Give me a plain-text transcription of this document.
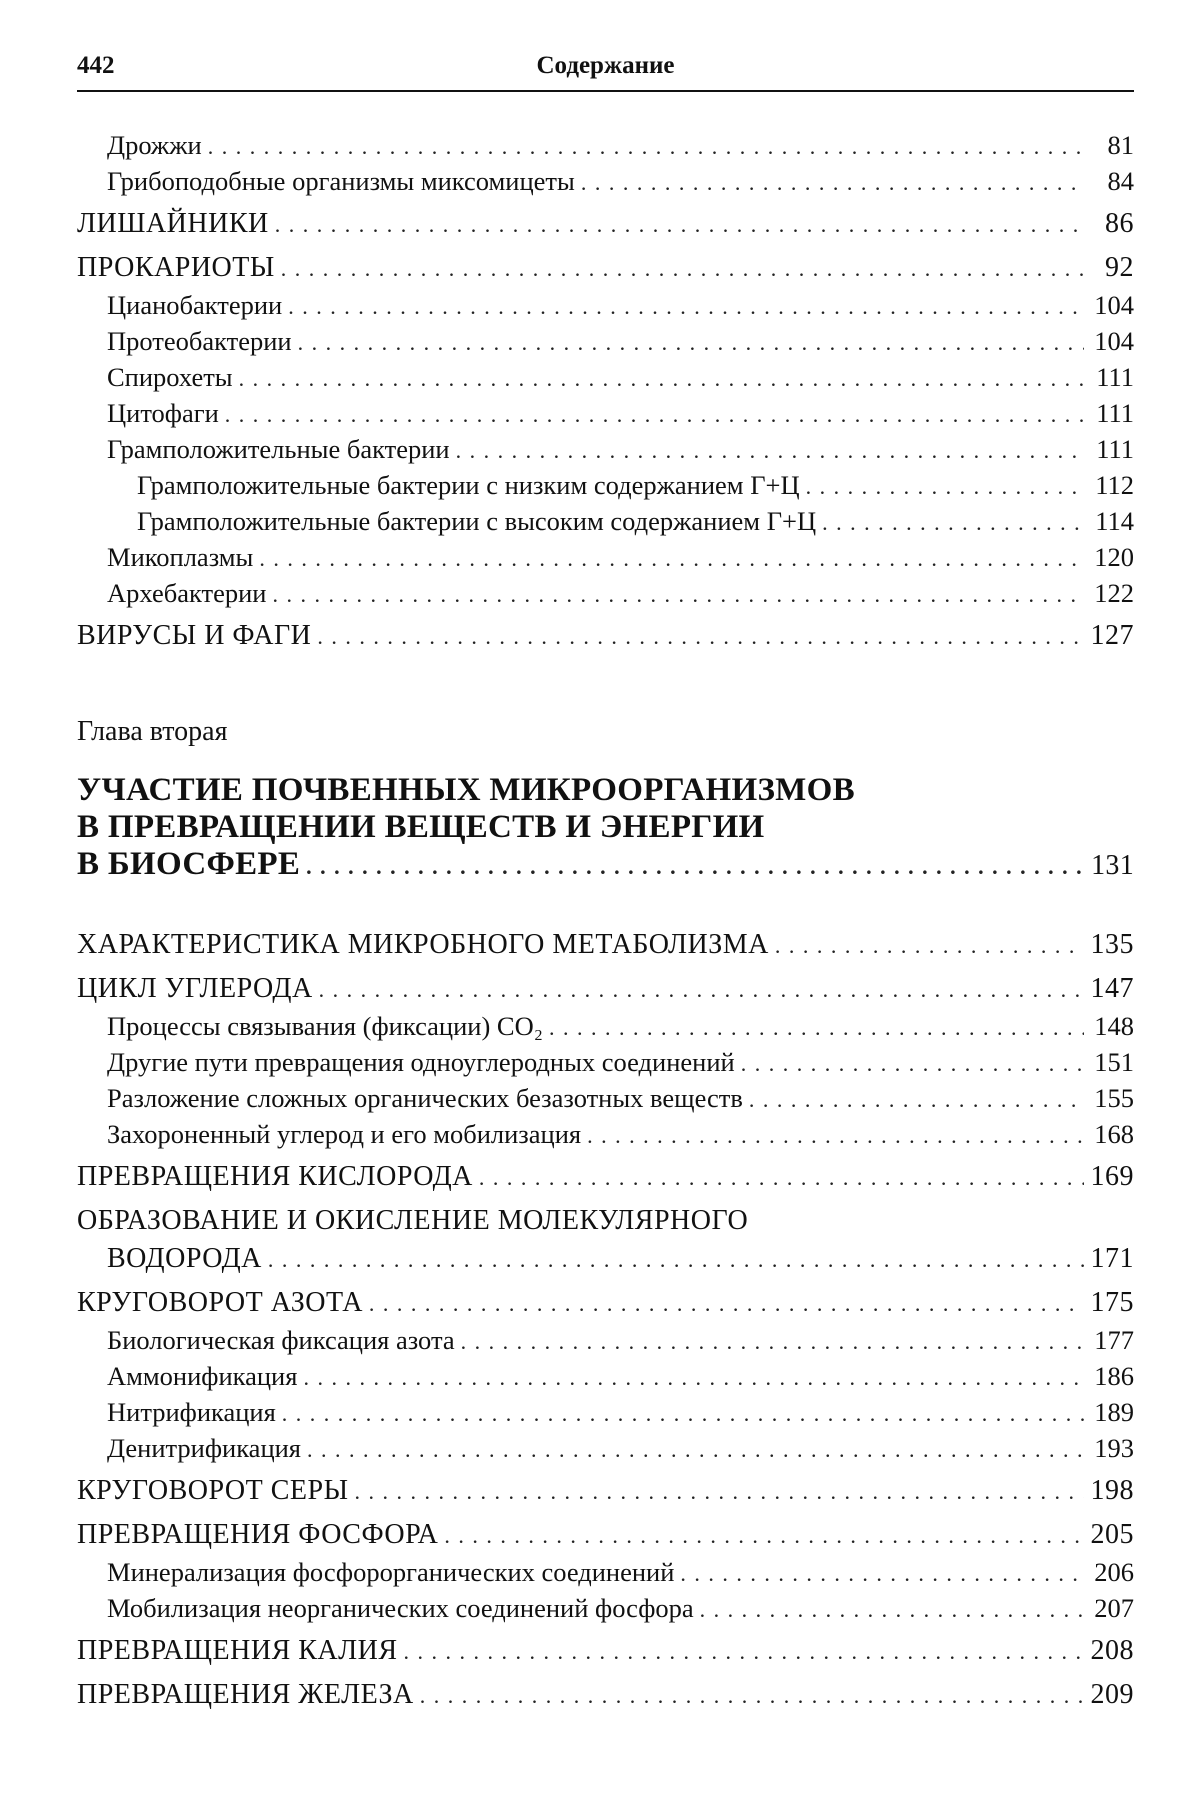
442	Содержание
Дрожжи . . .	81
Грибоподобные организмы миксомицеты . . .	84
ЛИШАЙНИКИ . . .	86
ПРОКАРИОТЫ . . .	92
Цианобактерии . . .	104
Протеобактерии . . .	104
Спирохеты . . .	111
Цитофаги . . .	111
Грамположительные бактерии . . .	111
Грамположительные бактерии с низким содержанием Г+Ц . . .	112
Грамположительные бактерии с высоким содержанием Г+Ц . . .	114
Микоплазмы . . .	120
Архебактерии . . .	122
ВИРУСЫ И ФАГИ . . .	127
Глава вторая
УЧАСТИЕ ПОЧВЕННЫХ МИКРООРГАНИЗМОВ
В ПРЕВРАЩЕНИИ ВЕЩЕСТВ И ЭНЕРГИИ
В БИОСФЕРЕ . . .	131
ХАРАКТЕРИСТИКА МИКРОБНОГО МЕТАБОЛИЗМА . . .	135
ЦИКЛ УГЛЕРОДА . . .	147
Процессы связывания (фиксации) CO₂ . . .	148
Другие пути превращения одноуглеродных соединений . . .	151
Разложение сложных органических безазотных веществ . . .	155
Захороненный углерод и его мобилизация . . .	168
ПРЕВРАЩЕНИЯ КИСЛОРОДА . . .	169
ОБРАЗОВАНИЕ И ОКИСЛЕНИЕ МОЛЕКУЛЯРНОГО
ВОДОРОДА . . .	171
КРУГОВОРОТ АЗОТА . . .	175
Биологическая фиксация азота . . .	177
Аммонификация . . .	186
Нитрификация . . .	189
Денитрификация . . .	193
КРУГОВОРОТ СЕРЫ . . .	198
ПРЕВРАЩЕНИЯ ФОСФОРА . . .	205
Минерализация фосфорорганических соединений . . .	206
Мобилизация неорганических соединений фосфора . . .	207
ПРЕВРАЩЕНИЯ КАЛИЯ . . .	208
ПРЕВРАЩЕНИЯ ЖЕЛЕЗА . . .	209
